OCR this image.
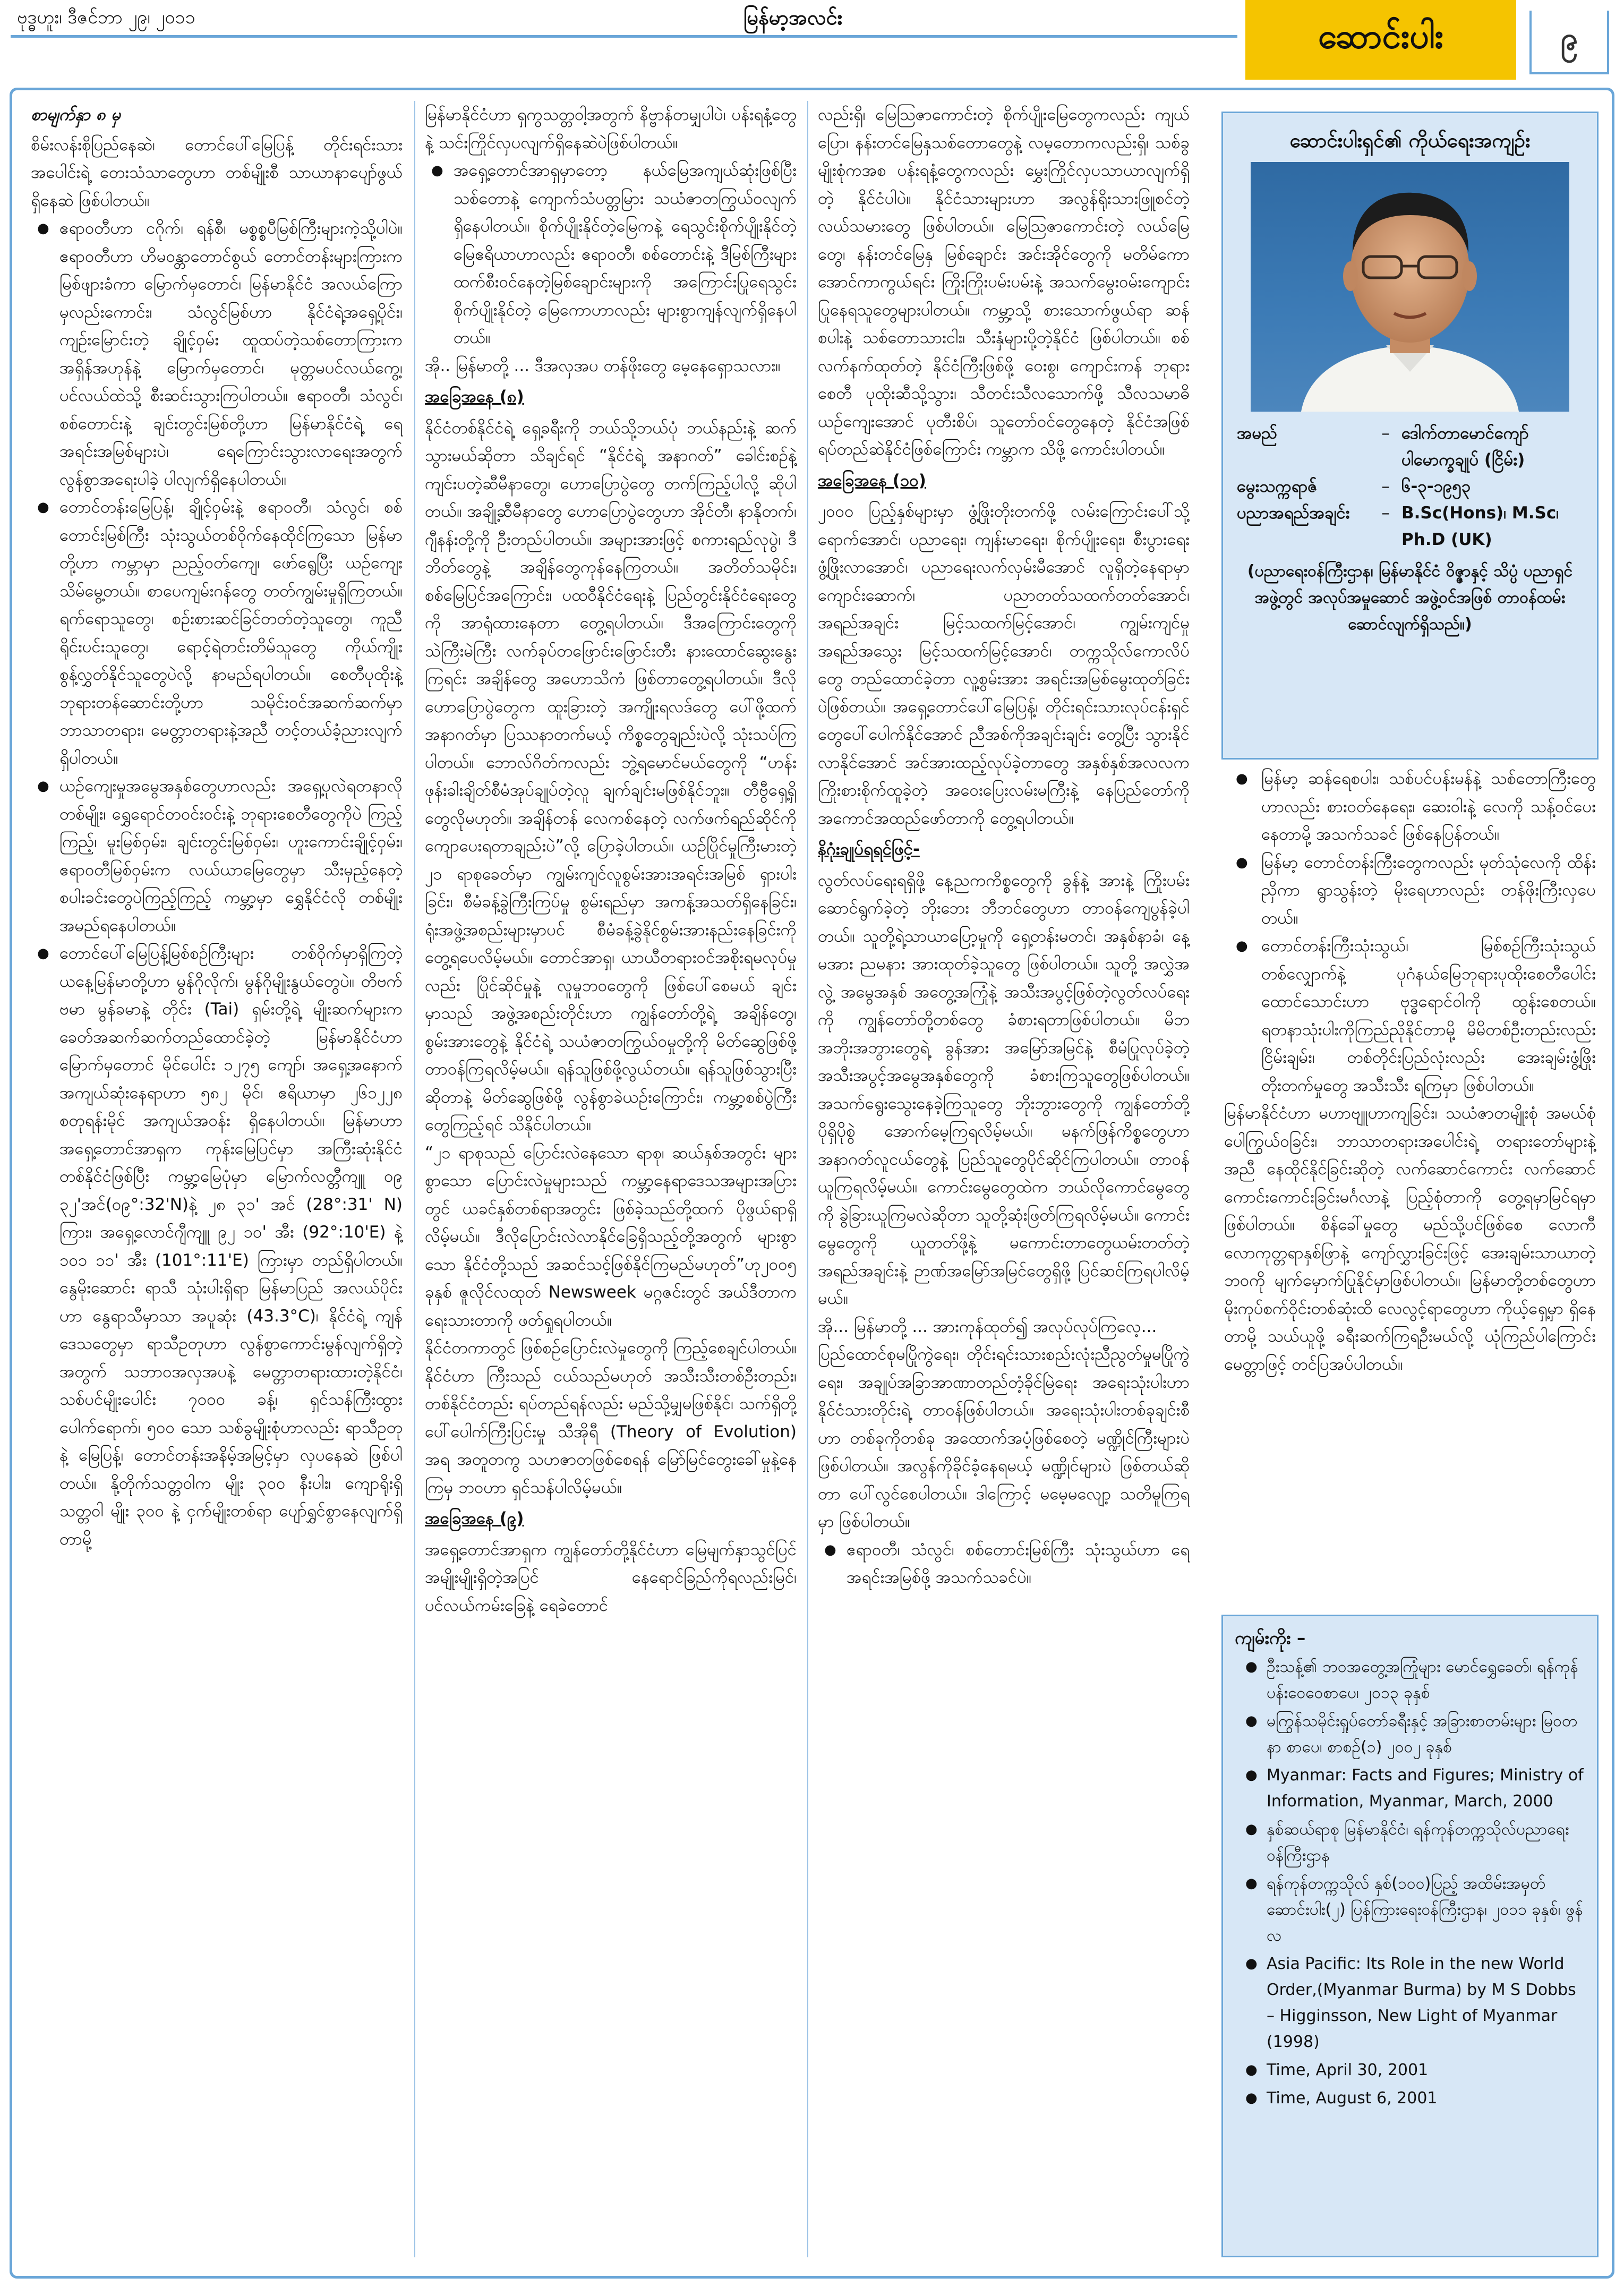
ဗုဒ္ဓဟူး၊ ဒီဇင်ဘာ ၂၉၊ ၂၀၁၁	မြန်မာ့အလင်း	ဆောင်းပါး	၉

စာမျက်နှာ ၈ မှ

စိမ်းလန်းစိုပြည်နေဆဲ၊ တောင်ပေါ်မြေပြန့် တိုင်းရင်းသားအပေါင်းရဲ့ တေးသံသာတွေဟာ တစ်မျိုးစီ သာယာနာပျော်ဖွယ် ရှိနေဆဲ ဖြစ်ပါတယ်။

● ဧရာဝတီဟာ ငဂိုက်၊ ရန်စီ၊ မစ္စစ္စပီမြစ်ကြီးများကဲ့သို့ပါပဲ။ ဧရာဝတီဟာ ဟိမဝန္တာတောင်စွယ် တောင်တန်းများကြားက မြစ်ဖျားခံကာ မြောက်မှတောင်၊ မြန်မာနိုင်ငံ အလယ်ကြောမှလည်းကောင်း၊ သံလွင်မြစ်ဟာ နိုင်ငံရဲ့အရှေ့ပိုင်း၊ ကျဉ်းမြောင်းတဲ့ ချိုင့်ဝှမ်း ထူထပ်တဲ့သစ်တောကြားက အရှိန်အဟုန်နဲ့ မြောက်မှတောင်၊ မုတ္တမပင်လယ်ကွေ့၊ ပင်လယ်ထဲသို့ စီးဆင်းသွားကြပါတယ်။ ဧရာဝတီ၊ သံလွင်၊ စစ်တောင်းနဲ့ ချင်းတွင်းမြစ်တို့ဟာ မြန်မာနိုင်ငံရဲ့ ရေအရင်းအမြစ်များပဲ၊ ရေကြောင်းသွားလာရေးအတွက် လွန်စွာအရေးပါခဲ့ ပါလျက်ရှိနေပါတယ်။

● တောင်တန်းမြေပြန့်၊ ချိုင့်ဝှမ်းနဲ့ ဧရာဝတီ၊ သံလွင်၊ စစ်တောင်းမြစ်ကြီး သုံးသွယ်တစ်ဝိုက်နေထိုင်ကြသော မြန်မာတို့ဟာ ကမ္ဘာမှာ ညည့်ဝတ်ကျေ၊ ဖော်ရွေပြီး ယဉ်ကျေးသိမ်မွေ့တယ်။ စာပေကျမ်းဂန်တွေ တတ်ကျွမ်းမှုရှိကြတယ်။ ရက်ရောသူတွေ၊ စဉ်းစားဆင်ခြင်တတ်တဲ့သူတွေ၊ ကူညီရိုင်းပင်းသူတွေ၊ ရောင့်ရဲတင်းတိမ်သူတွေ ကိုယ်ကျိုးစွန့်လွှတ်နိုင်သူတွေပဲလို့ နာမည်ရပါတယ်။ စေတီပုထိုးနဲ့ ဘုရားတန်ဆောင်းတို့ဟာ သမိုင်းဝင်အဆက်ဆက်မှာ ဘာသာတရား၊ မေတ္တာတရားနဲ့အညီ တင့်တယ်ခံ့ညားလျက်ရှိပါတယ်။

● ယဉ်ကျေးမှုအမွေအနှစ်တွေဟာလည်း အရှေ့ပုလဲရတနာလိုတစ်မျိုး၊ ရွှေရောင်တဝင်းဝင်းနဲ့ ဘုရားစေတီတွေကိုပဲ ကြည့်ကြည့်၊ မူးမြစ်ဝှမ်း၊ ချင်းတွင်းမြစ်ဝှမ်း၊ ဟူးကောင်းချိုင့်ဝှမ်း၊ ဧရာဝတီမြစ်ဝှမ်းက လယ်ယာမြေတွေမှာ သီးမှည့်နေတဲ့ စပါးခင်းတွေပဲကြည့်ကြည့် ကမ္ဘာ့မှာ ရွှေနိုင်ငံလို တစ်မျိုးအမည်ရနေပါတယ်။

● တောင်ပေါ်မြေပြန့်မြစ်စဉ်ကြီးများ တစ်ဝိုက်မှာရှိကြတဲ့ ယနေ့မြန်မာတို့ဟာ မွန်ဂိုလိုက်၊ မွန်ဂိုမျိုးနွယ်တွေပဲ။ တိဗက်ဗမာ မွန်ခမာနဲ့ တိုင်း (Tai) ရှမ်းတို့ရဲ့ မျိုးဆက်များက ခေတ်အဆက်ဆက်တည်ထောင်ခဲ့တဲ့ မြန်မာနိုင်ငံဟာ မြောက်မှတောင် မိုင်ပေါင်း ၁၂၇၅ ကျော်၊ အရှေ့အနောက် အကျယ်ဆုံးနေရာဟာ ၅၈၂ မိုင်၊ ဧရိယာမှာ ၂၆၁၂၂၈ စတုရန်းမိုင် အကျယ်အဝန်း ရှိနေပါတယ်။ မြန်မာဟာ အရှေ့တောင်အာရှက ကုန်းမြေပြင်မှာ အကြီးဆုံးနိုင်ငံ တစ်နိုင်ငံဖြစ်ပြီး ကမ္ဘာ့မြေပုံမှာ မြောက်လတ္တီကျူ ၀၉ ၃၂'အင်(၀၉°:32'N)နဲ့ ၂၈ ၃၁' အင် (28°:31' N) ကြား၊ အရှေ့လောင်ဂျီကျူ ၉၂ ၁၀' အီး (92°:10'E) နဲ့ ၁၀၁ ၁၁' အီး (101°:11'E) ကြားမှာ တည်ရှိပါတယ်။ နွေမိုးဆောင်း ရာသီ သုံးပါးရှိရာ မြန်မာပြည် အလယ်ပိုင်းဟာ နွေရာသီမှာသာ အပူဆုံး (43.3°C)၊ နိုင်ငံရဲ့ ကျန်ဒေသတွေမှာ ရာသီဥတုဟာ လွန်စွာကောင်းမွန်လျက်ရှိတဲ့အတွက် သဘာဝအလှအပနဲ့ မေတ္တာတရားထားတဲ့နိုင်ငံ၊ သစ်ပင်မျိုးပေါင်း ၇၀၀၀ ခန့်၊ ရှင်သန်ကြီးထွား ပေါက်ရောက်၊ ၅၀၀ သော သစ်ခွမျိုးစုံဟာလည်း ရာသီဥတုနဲ့ မြေပြန့်၊ တောင်တန်းအနိမ့်အမြင့်မှာ လှပနေဆဲ ဖြစ်ပါတယ်။ နို့တိုက်သတ္တဝါက မျိုး ၃၀၀ နီးပါး၊ ကျောရိုးရှိသတ္တဝါ မျိုး ၃၀၀ နဲ့ ငှက်မျိုးတစ်ရာ ပျော်ရွှင်စွာနေလျက်ရှိတာမို့

မြန်မာနိုင်ငံဟာ ရှကွသတ္တဝါ့အတွက် နိဗ္ဗာန်တမျှပါပဲ၊ ပန်းရနံ့တွေနဲ့ သင်းကြိုင်လှပလျက်ရှိနေဆဲပဲဖြစ်ပါတယ်။

● အရှေ့တောင်အာရှမှာတော့ နယ်မြေအကျယ်ဆုံးဖြစ်ပြီး သစ်တောနဲ့ ကျောက်သံပတ္တမြား သယံဇာတကြွယ်ဝလျက် ရှိနေပါတယ်။ စိုက်ပျိုးနိုင်တဲ့မြေကနဲ့ ရေသွင်းစိုက်ပျိုးနိုင်တဲ့ မြေဧရိယာဟာလည်း ဧရာဝတီ၊ စစ်တောင်းနဲ့ ဒီမြစ်ကြီးများ ထက်စီးဝင်နေတဲ့မြစ်ချောင်းများကို အကြောင်းပြုရေသွင်းစိုက်ပျိုးနိုင်တဲ့ မြေကောဟာလည်း များစွာကျန်လျက်ရှိနေပါတယ်။

အို.. မြန်မာတို့ ... ဒီအလှအပ တန်ဖိုးတွေ မေ့နေရှောသလား။

အခြေအနေ (၈)

နိုင်ငံတစ်နိုင်ငံရဲ့ ရှေ့ခရီးကို ဘယ်သို့ဘယ်ပုံ ဘယ်နည်းနဲ့ ဆက်သွားမယ်ဆိုတာ သိချင်ရင် “နိုင်ငံရဲ့ အနာဂတ်” ခေါင်းစဉ်နဲ့ ကျင်းပတဲ့ဆီမီနာတွေ၊ ဟောပြောပွဲတွေ တက်ကြည့်ပါလို့ ဆိုပါတယ်။ အချို့ဆီမီနာတွေ ဟောပြောပွဲတွေဟာ အိုင်တီ၊ နာနိုတက်၊ ဂျီနန်းတို့ကို ဦးတည်ပါတယ်။ အများအားဖြင့် စကားရည်လုပွဲ၊ ဒီဘိတ်တွေနဲ့ အချိန်တွေကုန်နေကြတယ်။ အတိတ်သမိုင်း၊ စစ်မြေပြင်အကြောင်း၊ ပထဝီနိုင်ငံရေးနဲ့ ပြည်တွင်းနိုင်ငံရေးတွေကို အာရုံထားနေတာ တွေ့ရပါတယ်။ ဒီအကြောင်းတွေကို သဲကြီးမဲကြီး လက်ခုပ်တဖြောင်းဖြောင်းတီး နားထောင်ဆွေးနွေးကြရင်း အချိန်တွေ အဟောသိကံ ဖြစ်တာတွေ့ရပါတယ်။ ဒီလိုဟောပြောပွဲတွေက ထူးခြားတဲ့ အကျိုးရလဒ်တွေ ပေါ်ဖို့ထက် အနာဂတ်မှာ ပြဿနာတက်မယ့် ကိစ္စတွေချည်းပဲလို့ သုံးသပ်ကြပါတယ်။ ဘောလ်ဂိတ်ကလည်း ဘွဲ့ရမောင်မယ်တွေကို “ဟန်းဖုန်းခါးချိတ်စီမံအုပ်ချုပ်တဲ့လူ ချက်ချင်းမဖြစ်နိုင်ဘူး။ တီဗွီရှေ့ရှိတွေလိုမဟုတ်။ အချိန်တန် လေကစ်နေတဲ့ လက်ဖက်ရည်ဆိုင်ကို ကျောပေးရတာချည်းပဲ”လို့ ပြောခဲ့ပါတယ်။ ယဉ်ပြိုင်မှုကြီးမားတဲ့ ၂၁ ရာစုခေတ်မှာ ကျွမ်းကျင်လူစွမ်းအားအရင်းအမြစ် ရှားပါးခြင်း၊ စီမံခန့်ခွဲကြီးကြပ်မှု စွမ်းရည်မှာ အကန့်အသတ်ရှိနေခြင်း၊ ရုံးအဖွဲ့အစည်းများမှာပင် စီမံခန့်ခွဲနိုင်စွမ်းအားနည်းနေခြင်းကို တွေ့ရပေလိမ့်မယ်။ တောင်အာရှ၊ ယာယီတရားဝင်အစိုးရမလုပ်မှုလည်း ပြိုင်ဆိုင်မှုနဲ့ လူမှုဘဝတွေကို ဖြစ်ပေါ်စေမယ် ချင်းမှာသည် အဖွဲ့အစည်းတိုင်းဟာ ကျွန်တော်တို့ရဲ့ အချိန်တွေ၊ စွမ်းအားတွေနဲ့ နိုင်ငံရဲ့ သယံဇာတကြွယ်ဝမှုတို့ကို မိတ်ဆွေဖြစ်ဖို့ တာဝန်ကြရလိမ့်မယ်။ ရန်သူဖြစ်ဖို့လွယ်တယ်။ ရန်သူဖြစ်သွားပြီးဆိုတာနဲ့ မိတ်ဆွေဖြစ်ဖို့ လွန်စွာခဲယဉ်းကြောင်း၊ ကမ္ဘာ့စစ်ပွဲကြီးတွေကြည့်ရင် သိနိုင်ပါတယ်။

“၂၁ ရာစုသည် ပြောင်းလဲနေသော ရာစု၊ ဆယ်နှစ်အတွင်း များစွာသော ပြောင်းလဲမှုများသည် ကမ္ဘာ့နေရာဒေသအများအပြားတွင် ယခင်နှစ်တစ်ရာအတွင်း ဖြစ်ခဲ့သည်တို့ထက် ပိုဖွယ်ရာရှိလိမ့်မယ်။ ဒီလိုပြောင်းလဲလာနိုင်ခြေရှိသည့်တို့အတွက် များစွာသော နိုင်ငံတို့သည် အဆင်သင့်ဖြစ်နိုင်ကြမည်မဟုတ်”ဟု၂၀၀၅ ခုနှစ် ဇူလိုင်လထုတ် Newsweek မဂ္ဂဇင်းတွင် အယ်ဒီတာက ရေးသားတာကို ဖတ်ရှုရပါတယ်။

နိုင်ငံတကာတွင် ဖြစ်စဉ်ပြောင်းလဲမှုတွေကို ကြည့်စေချင်ပါတယ်။ နိုင်ငံဟာ ကြီးသည် ငယ်သည်မဟုတ် အသီးသီးတစ်ဦးတည်း၊ တစ်နိုင်ငံတည်း ရပ်တည်ရန်လည်း မည်သို့မျှမဖြစ်နိုင်၊ သက်ရှိတို့ပေါ်ပေါက်ကြီးပြင်းမှု သီအိုရီ (Theory of Evolution) အရ အတူတကွ သဟဇာတဖြစ်စေရန် မြော်မြင်တွေးခေါ်မှုနဲ့နေကြမှ ဘဝဟာ ရှင်သန်ပါလိမ့်မယ်။

အခြေအနေ (၉)

အရှေ့တောင်အာရှက ကျွန်တော်တို့နိုင်ငံဟာ မြေမျက်နှာသွင်ပြင် အမျိုးမျိုးရှိတဲ့အပြင် နေရောင်ခြည်ကိုရလည်းမြင်၊ ပင်လယ်ကမ်းခြေနဲ့ ရေခဲတောင်

လည်းရှိ၊ မြေဩဇာကောင်းတဲ့ စိုက်ပျိုးမြေတွေကလည်း ကျယ်ပြော၊ နန်းတင်မြေနှသစ်တောတွေနဲ့ လမ့တောကလည်းရှိ၊ သစ်ခွမျိုးစုံကအစ ပန်းရနံ့တွေကလည်း မွှေးကြိုင်လှပသာယာလျက်ရှိတဲ့ နိုင်ငံပါပဲ။ နိုင်ငံသားများဟာ အလွန်ရိုးသားဖြူစင်တဲ့ လယ်သမားတွေ ဖြစ်ပါတယ်။ မြေဩဇာကောင်းတဲ့ လယ်မြေတွေ၊ နန်းတင်မြေနှ မြစ်ချောင်း အင်းအိုင်တွေကို မတိမ်ကောအောင်ကာကွယ်ရင်း ကြိုးကြိုးပမ်းပမ်းနဲ့ အသက်မွေးဝမ်းကျောင်းပြုနေရသူတွေများပါတယ်။ ကမ္ဘာ့သို့ စားသောက်ဖွယ်ရာ ဆန်စပါးနဲ့ သစ်တောသားငါး၊ သီးနှံများပို့တဲ့နိုင်ငံ ဖြစ်ပါတယ်။ စစ်လက်နက်ထုတ်တဲ့ နိုင်ငံကြီးဖြစ်ဖို့ ဝေးစွ၊ ကျောင်းကန် ဘုရားစေတီ ပုထိုးဆီသို့သွား၊ သီတင်းသီလသောက်ဖို့ သီလသမာဓိယဉ်ကျေးအောင် ပုတီးစိပ်၊ သူတော်ဝင်တွေနေတဲ့ နိုင်ငံအဖြစ် ရပ်တည်ဆဲနိုင်ငံဖြစ်ကြောင်း ကမ္ဘာက သိဖို့ ကောင်းပါတယ်။

အခြေအနေ (၁၀)

၂၀၀၀ ပြည့်နှစ်များမှာ ဖွံ့ဖြိုးတိုးတက်ဖို့ လမ်းကြောင်းပေါ်သို့ ရောက်အောင်၊ ပညာရေး၊ ကျန်းမာရေး၊ စိုက်ပျိုးရေး၊ စီးပွားရေး ဖွံ့ဖြိုးလာအောင်၊ ပညာရေးလက်လှမ်းမီအောင် လူရှိတဲ့နေရာမှာ ကျောင်းဆောက်၊ ပညာတတ်သထက်တတ်အောင်၊ အရည်အချင်း မြင့်သထက်မြင့်အောင်၊ ကျွမ်းကျင်မှုအရည်အသွေး မြင့်သထက်မြင့်အောင်၊ တက္ကသိုလ်ကောလိပ်တွေ တည်ထောင်ခဲ့တာ လူ့စွမ်းအား အရင်းအမြစ်မွေးထုတ်ခြင်းပဲဖြစ်တယ်။ အရှေ့တောင်ပေါ်မြေပြန့်၊ တိုင်းရင်းသားလုပ်ငန်းရှင်တွေပေါ်ပေါက်နိုင်အောင် ညီအစ်ကိုအချင်းချင်း တွေ့ပြီး သွားနိုင်လာနိုင်အောင် အင်အားထည့်လုပ်ခဲ့တာတွေ အနှစ်နှစ်အလလက ကြိုးစားစိုက်ထူခဲ့တဲ့ အဝေးပြေးလမ်းမကြီးနဲ့ နေပြည်တော်ကို အကောင်အထည်ဖော်တာကို တွေ့ရပါတယ်။

နိဂုံးချုပ်ရရင်ဖြင့်-

လွတ်လပ်ရေးရရှိဖို့ နေ့ညကကိစ္စတွေကို ခွန်နဲ့ အားနဲ့ ကြိုးပမ်းဆောင်ရွက်ခဲ့တဲ့ ဘိုးဘေး ဘီဘင်တွေဟာ တာဝန်ကျေပွန်ခဲ့ပါတယ်။ သူတို့ရဲ့သာယာပြော့မှုကို ရှေ့တန်းမတင်၊ အနှစ်နာခံ၊ နေ့မအား ညမနား အားထုတ်ခဲ့သူတွေ ဖြစ်ပါတယ်။ သူတို့ အလွှဲအလွဲ့ အမွေအနှစ် အတွေ့အကြုံနဲ့ အသီးအပွင့်ဖြစ်တဲ့လွတ်လပ်ရေးကို ကျွန်တော်တို့တစ်တွေ ခံစားရတာဖြစ်ပါတယ်။ မိဘ အဘိုးအဘွားတွေရဲ့ ခွန်အား အမြော်အမြင်နဲ့ စီမံပြုလုပ်ခဲ့တဲ့ အသီးအပွင့်အမွေအနှစ်တွေကို ခံစားကြသူတွေဖြစ်ပါတယ်။ အသက်ရွေးသွေးနေခဲ့ကြသူတွေ ဘိုးဘွားတွေကို ကျွန်တော်တို့ ပိုရှိပိုစွဲ အောက်မေ့ကြရလိမ့်မယ်။ မနက်ဖြန်ကိစ္စတွေဟာ အနာဂတ်လူငယ်တွေနဲ့ ပြည်သူတွေပိုင်ဆိုင်ကြပါတယ်။ တာဝန်ယူကြရလိမ့်မယ်။ ကောင်းမွေတွေထဲက ဘယ်လိုကောင်မွေတွေကို ခွဲခြားယူကြမလဲဆိုတာ သူတို့ဆုံးဖြတ်ကြရလိမ့်မယ်။ ကောင်းမွေတွေကို ယူတတ်ဖို့နဲ့ မကောင်းတာတွေယမ်းတတ်တဲ့ အရည်အချင်းနဲ့ ဉာဏ်အမြော်အမြင်တွေရှိဖို့ ပြင်ဆင်ကြရပါလိမ့်မယ်။

အို... မြန်မာတို့ ... အားကုန်ထုတ်၍ အလုပ်လုပ်ကြလေ့...

ပြည်ထောင်စုမပြိုကွဲရေး၊ တိုင်းရင်းသားစည်းလုံးညီညွတ်မှုမပြိုကွဲရေး၊ အချုပ်အခြာအာဏာတည်တံ့ခိုင်မြဲရေး အရေးသုံးပါးဟာ နိုင်ငံသားတိုင်းရဲ့ တာဝန်ဖြစ်ပါတယ်။ အရေးသုံးပါးတစ်ခုချင်းစီဟာ တစ်ခုကိုတစ်ခု အထောက်အပံ့ဖြစ်စေတဲ့ မဏ္ဍိုင်ကြီးများပဲဖြစ်ပါတယ်။ အလွန်ကိုခိုင်ခံ့နေရမယ့် မဏ္ဍိုင်များပဲ ဖြစ်တယ်ဆိုတာ ပေါ်လွင်စေပါတယ်။ ဒါကြောင့် မမေ့မလျော့ သတိမူကြရမှာ ဖြစ်ပါတယ်။

● ဧရာဝတီ၊ သံလွင်၊ စစ်တောင်းမြစ်ကြီး သုံးသွယ်ဟာ ရေအရင်းအမြစ်ဖို့ အသက်သခင်ပဲ။

ဆောင်းပါးရှင်၏ ကိုယ်ရေးအကျဉ်း
အမည်	– ဒေါက်တာမောင်ကျော် ပါမောက္ခချုပ် (ငြိမ်း)
မွေးသက္ကရာဇ်	– ၆-၃-၁၉၅၃
ပညာအရည်အချင်း	– B.Sc(Hons)၊ M.Sc၊ Ph.D (UK)
(ပညာရေးဝန်ကြီးဌာန၊ မြန်မာနိုင်ငံ ဝိဇ္ဇာနှင့် သိပ္ပံ ပညာရှင်အဖွဲ့တွင် အလုပ်အမှုဆောင် အဖွဲ့ဝင်အဖြစ် တာဝန်ထမ်းဆောင်လျက်ရှိသည်။)

● မြန်မာ့ ဆန်ရေစပါး၊ သစ်ပင်ပန်းမန်နဲ့ သစ်တောကြီးတွေဟာလည်း စားဝတ်နေရေး၊ ဆေးဝါးနဲ့ လေကို သန့်ဝင်ပေးနေတာမို့ အသက်သခင် ဖြစ်နေပြန်တယ်။

● မြန်မာ့ တောင်တန်းကြီးတွေကလည်း မုတ်သုံလေကို ထိန်းညှိကာ ရွာသွန်းတဲ့ မိုးရေဟာလည်း တန်ဖိုးကြီးလှပေတယ်။

● တောင်တန်းကြီးသုံးသွယ်၊ မြစ်စဉ်ကြီးသုံးသွယ်တစ်လျှောက်နဲ့ ပုဂံနယ်မြေဘုရားပုထိုးစေတီပေါင်း ထောင်သောင်းဟာ ဗုဒ္ဓရောင်ဝါကို ထွန်းစေတယ်။ ရတနာသုံးပါးကိုကြည်ညိုနိုင်တာမို့ မိမိတစ်ဦးတည်းလည်း ငြိမ်းချမ်း၊ တစ်တိုင်းပြည်လုံးလည်း အေးချမ်းဖွံ့ဖြိုးတိုးတက်မှုတွေ အသီးသီး ရကြမှာ ဖြစ်ပါတယ်။

မြန်မာနိုင်ငံဟာ မဟာဗျူဟာကျခြင်း၊ သယံဇာတမျိုးစုံ အမယ်စုံ ပေါကြွယ်ဝခြင်း၊ ဘာသာတရားအပေါင်းရဲ့ တရားတော်များနဲ့အညီ နေထိုင်နိုင်ခြင်းဆိုတဲ့ လက်ဆောင်ကောင်း လက်ဆောင်ကောင်းကောင်းခြင်းမင်္ဂလာနဲ့ ပြည့်စုံတာကို တွေ့ရမှာမြင်ရမှာ ဖြစ်ပါတယ်။ စိန်ခေါ်မှုတွေ မည်သို့ပင်ဖြစ်စေ လောကီ လောကုတ္တရာနှစ်ဖြာနဲ့ ကျော်လွှားခြင်းဖြင့် အေးချမ်းသာယာတဲ့ဘဝကို မျက်မှောက်ပြုနိုင်မှာဖြစ်ပါတယ်။ မြန်မာတို့တစ်တွေဟာ မိုးကုပ်စက်ဝိုင်းတစ်ဆုံးထိ လေလွင့်ရာတွေဟာ ကိုယ့်ရှေ့မှာ ရှိနေတာမို့ သယ်ယူဖို့ ခရီးဆက်ကြရဦးမယ်လို့ ယုံကြည်ပါကြောင်း မေတ္တာဖြင့် တင်ပြအပ်ပါတယ်။

ကျမ်းကိုး –
● ဦးသန့်၏ ဘဝအတွေ့အကြုံများ မောင်ရွှေခေတ်၊ ရန်ကုန် ပန်းဝေဝေစာပေ၊ ၂၀၁၃ ခုနှစ်
● မကြွန်သမိုင်းရှုပ်တော်ခရီးနှင့် အခြားစာတမ်းများ မြဝတနာ စာပေ၊ စာစဉ်(၁) ၂၀၀၂ ခုနှစ်
● Myanmar: Facts and Figures; Ministry of Information, Myanmar, March, 2000
● နှစ်ဆယ်ရာစု မြန်မာနိုင်ငံ၊ ရန်ကုန်တက္ကသိုလ်ပညာရေးဝန်ကြီးဌာန
● ရန်ကုန်တက္ကသိုလ် နှစ်(၁၀၀)ပြည့် အထိမ်းအမှတ် ဆောင်းပါး(၂) ပြန်ကြားရေးဝန်ကြီးဌာန၊ ၂၀၁၁ ခုနှစ်၊ ဖွန်လ
● Asia Pacific: Its Role in the new World Order,(Myanmar Burma) by M S Dobbs – Higginsson, New Light of Myanmar (1998)
● Time, April 30, 2001
● Time, August 6, 2001
